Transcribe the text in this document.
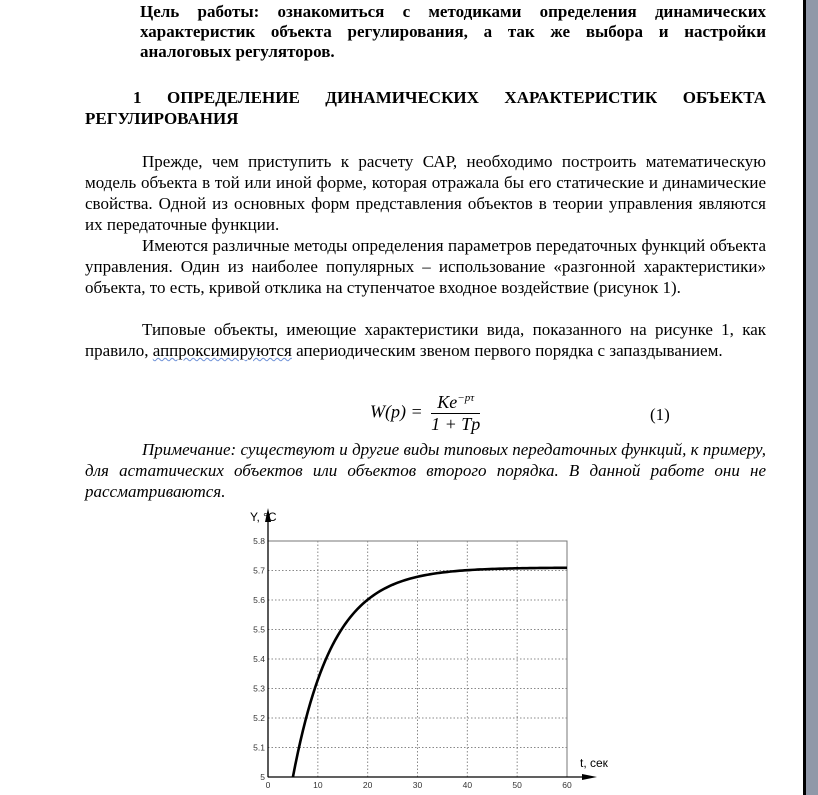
Цель работы: ознакомиться с методиками определения динамических характеристик объекта регулирования, а так же выбора и настройки аналоговых регуляторов.

1 ОПРЕДЕЛЕНИЕ ДИНАМИЧЕСКИХ ХАРАКТЕРИСТИК ОБЪЕКТА РЕГУЛИРОВАНИЯ

Прежде, чем приступить к расчету САР, необходимо построить математическую модель объекта в той или иной форме, которая отражала бы его статические и динамические свойства. Одной из основных форм представления объектов в теории управления являются их передаточные функции.

Имеются различные методы определения параметров передаточных функций объекта управления. Один из наиболее популярных – использование «разгонной характеристики» объекта, то есть, кривой отклика на ступенчатое входное воздействие (рисунок 1).

Типовые объекты, имеющие характеристики вида, показанного на рисунке 1, как правило, аппроксимируются апериодическим звеном первого порядка с запаздыванием.

$W(p) = \frac{Ke^{-p\tau}}{1 + Tp}$	(1)

Примечание: существуют и другие виды типовых передаточных функций, к примеру, для астатических объектов или объектов второго порядка. В данной работе они не рассматриваются.

0	10	20	30	40	50	60
5
5.1
5.2
5.3
5.4
5.5
5.6
5.7
5.8
Y, °C
t, сек
